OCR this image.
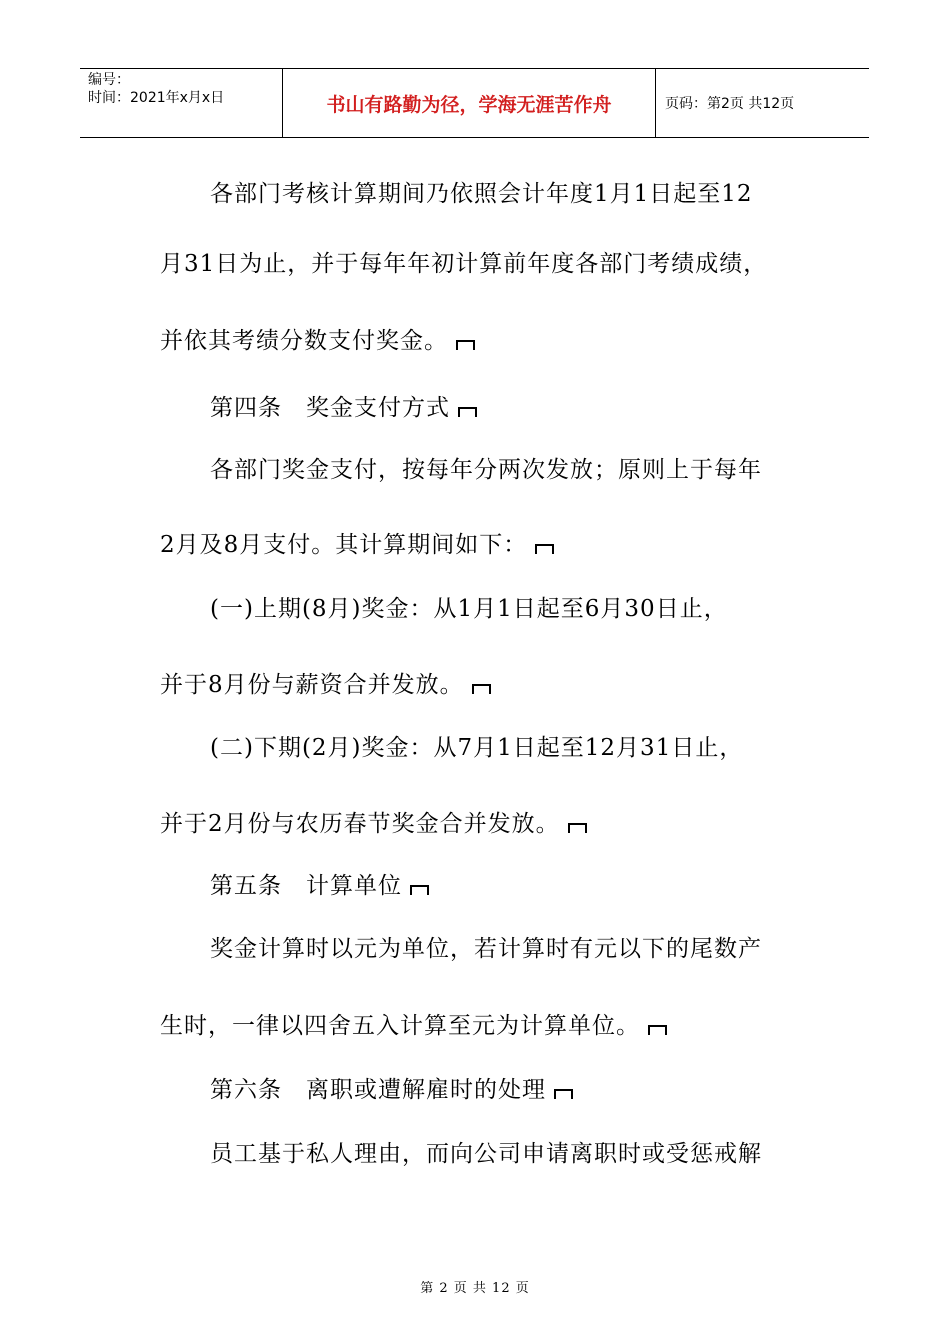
编号：
时间：2021年x月x日	书山有路勤为径，学海无涯苦作舟	页码：第2页 共12页
各部门考核计算期间乃依照会计年度1月1日起至12
月31日为止，并于每年年初计算前年度各部门考绩成绩，
并依其考绩分数支付奖金。
第四条　奖金支付方式
各部门奖金支付，按每年分两次发放；原则上于每年
2月及8月支付。其计算期间如下：
(一)上期(8月)奖金：从1月1日起至6月30日止，
并于8月份与薪资合并发放。
(二)下期(2月)奖金：从7月1日起至12月31日止，
并于2月份与农历春节奖金合并发放。
第五条　计算单位
奖金计算时以元为单位，若计算时有元以下的尾数产
生时，一律以四舍五入计算至元为计算单位。
第六条　离职或遭解雇时的处理
员工基于私人理由，而向公司申请离职时或受惩戒解
第 2 页 共 12 页
